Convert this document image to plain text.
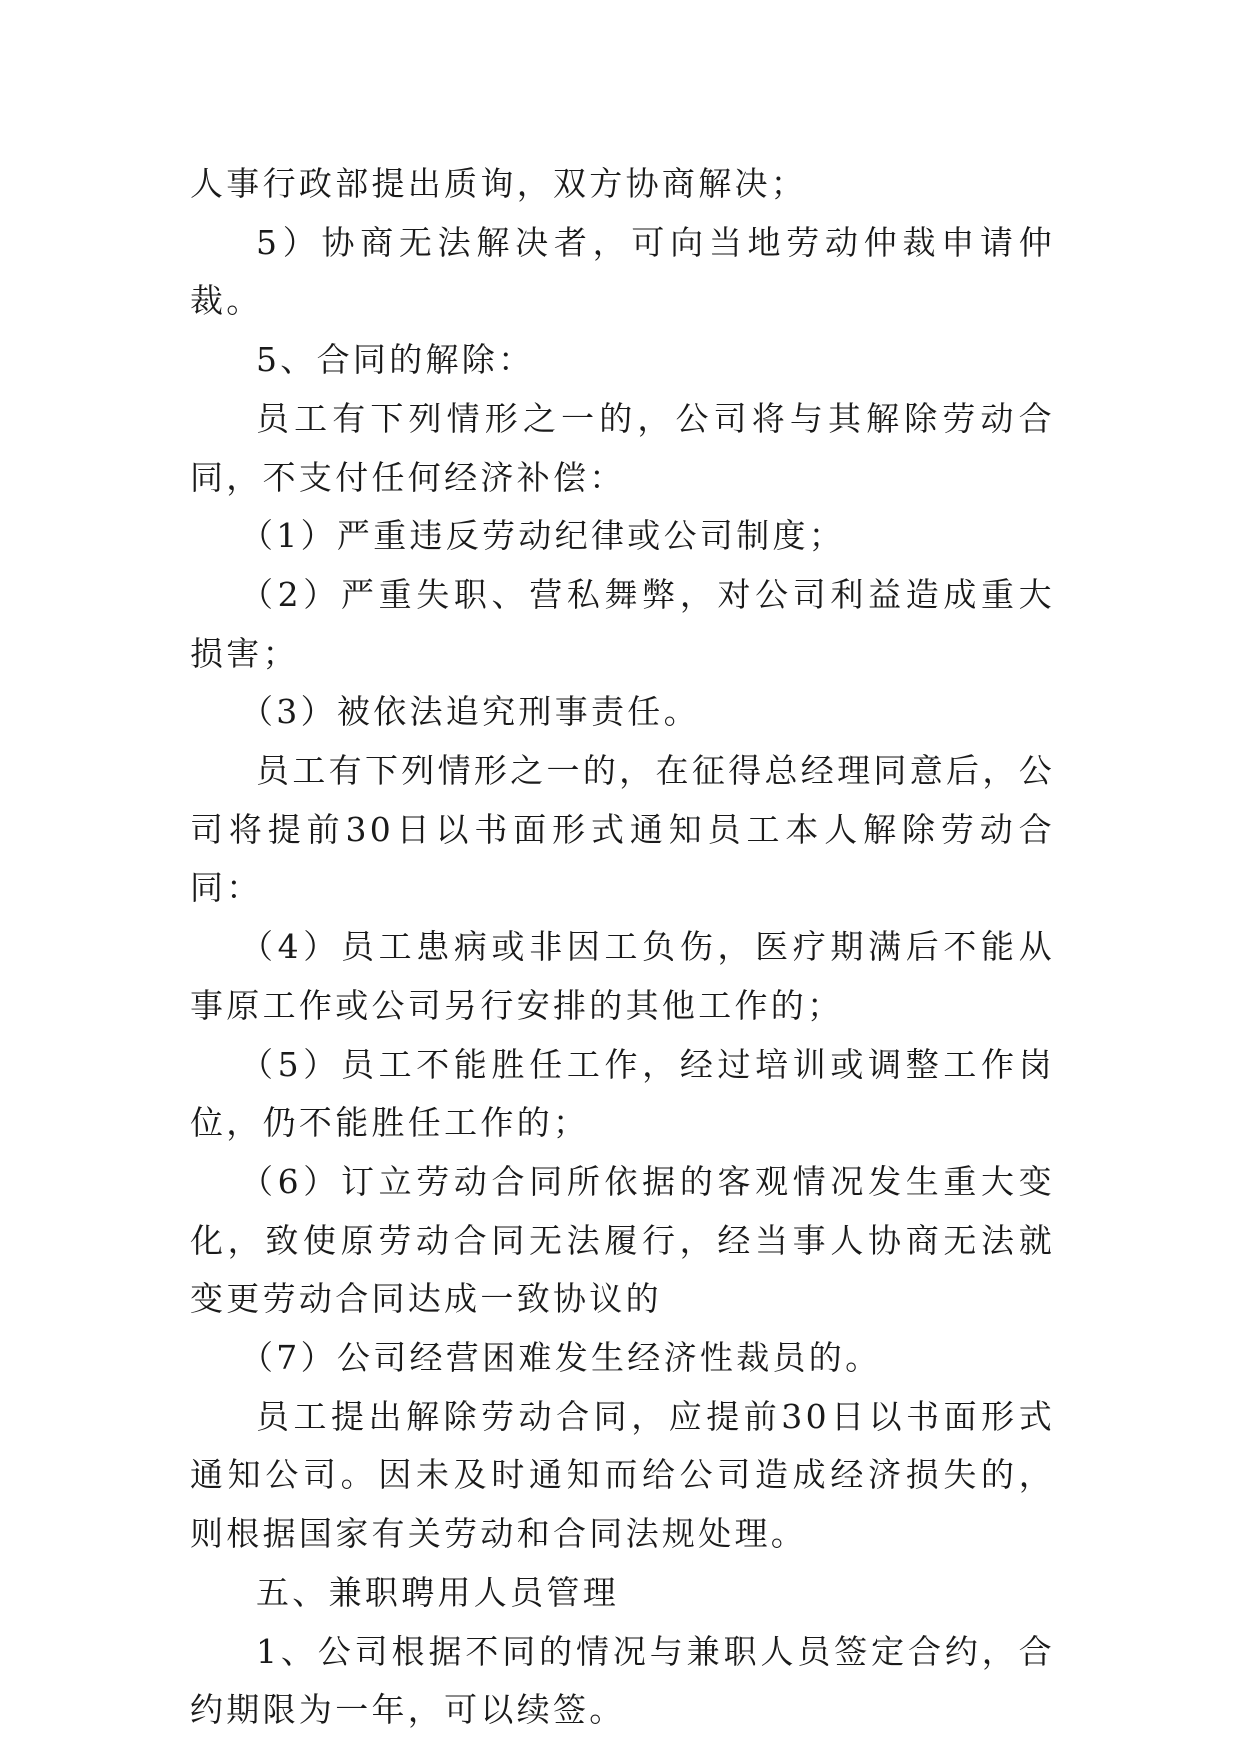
人事行政部提出质询，双方协商解决；

5）协商无法解决者，可向当地劳动仲裁申请仲裁。

5、合同的解除：

员工有下列情形之一的，公司将与其解除劳动合同，不支付任何经济补偿：

（1）严重违反劳动纪律或公司制度；

（2）严重失职、营私舞弊，对公司利益造成重大损害；

（3）被依法追究刑事责任。

员工有下列情形之一的，在征得总经理同意后，公司将提前30日以书面形式通知员工本人解除劳动合同：

（4）员工患病或非因工负伤，医疗期满后不能从事原工作或公司另行安排的其他工作的；

（5）员工不能胜任工作，经过培训或调整工作岗位，仍不能胜任工作的；

（6）订立劳动合同所依据的客观情况发生重大变化，致使原劳动合同无法履行，经当事人协商无法就变更劳动合同达成一致协议的

（7）公司经营困难发生经济性裁员的。

员工提出解除劳动合同，应提前30日以书面形式通知公司。因未及时通知而给公司造成经济损失的，则根据国家有关劳动和合同法规处理。

五、兼职聘用人员管理

1、公司根据不同的情况与兼职人员签定合约，合约期限为一年，可以续签。
